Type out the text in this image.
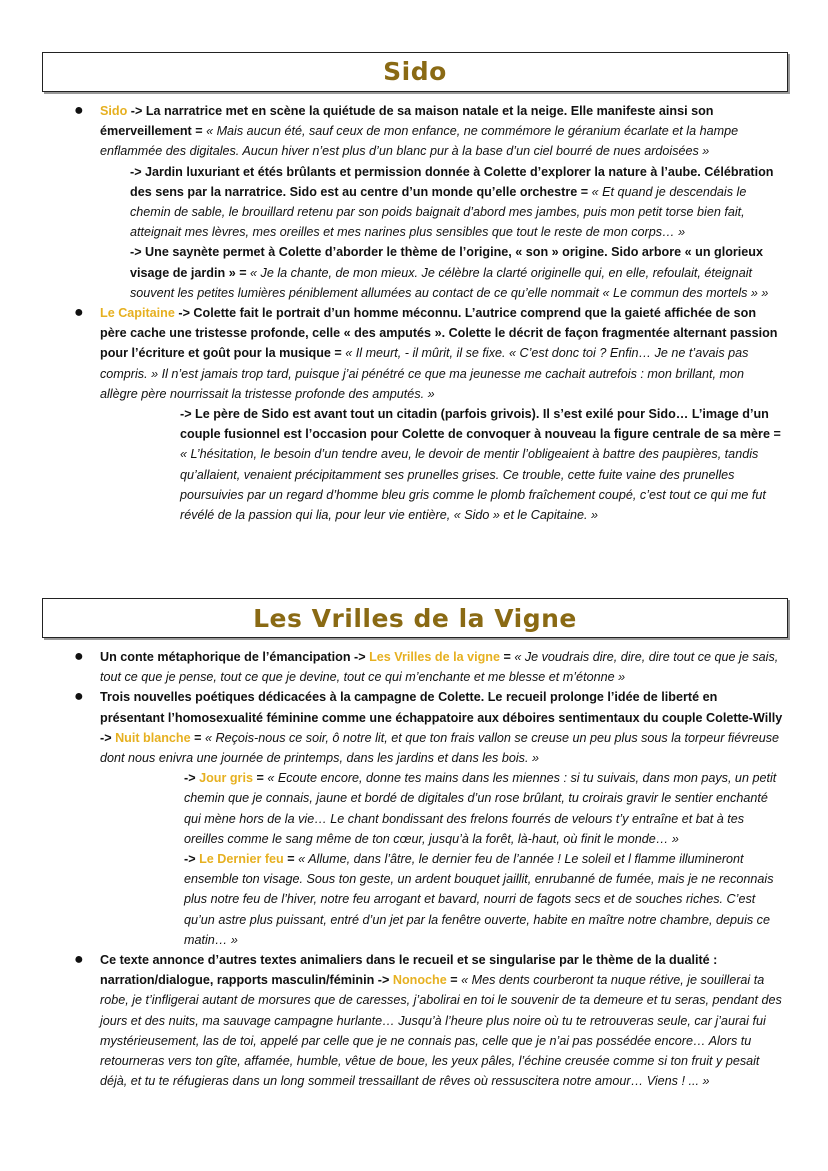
Sido
● Sido -> La narratrice met en scène la quiétude de sa maison natale et la neige. Elle manifeste ainsi son émerveillement = « Mais aucun été, sauf ceux de mon enfance, ne commémore le géranium écarlate et la hampe enflammée des digitales. Aucun hiver n’est plus d’un blanc pur à la base d’un ciel bourré de nues ardoisées »

-> Jardin luxuriant et étés brûlants et permission donnée à Colette d’explorer la nature à l’aube. Célébration des sens par la narratrice. Sido est au centre d’un monde qu’elle orchestre = « Et quand je descendais le chemin de sable, le brouillard retenu par son poids baignait d’abord mes jambes, puis mon petit torse bien fait, atteignait mes lèvres, mes oreilles et mes narines plus sensibles que tout le reste de mon corps… »

-> Une saynète permet à Colette d’aborder le thème de l’origine, « son » origine. Sido arbore « un glorieux visage de jardin » = « Je la chante, de mon mieux. Je célèbre la clarté originelle qui, en elle, refoulait, éteignait souvent les petites lumières péniblement allumées au contact de ce qu’elle nommait « Le commun des mortels » »

● Le Capitaine -> Colette fait le portrait d’un homme méconnu. L’autrice comprend que la gaieté affichée de son père cache une tristesse profonde, celle « des amputés ». Colette le décrit de façon fragmentée alternant passion pour l’écriture et goût pour la musique = « Il meurt, - il mûrit, il se fixe. « C’est donc toi ? Enfin… Je ne t’avais pas compris. » Il n’est jamais trop tard, puisque j’ai pénétré ce que ma jeunesse me cachait autrefois : mon brillant, mon allègre père nourrissait la tristesse profonde des amputés. »

-> Le père de Sido est avant tout un citadin (parfois grivois). Il s’est exilé pour Sido… L’image d’un couple fusionnel est l’occasion pour Colette de convoquer à nouveau la figure centrale de sa mère = « L’hésitation, le besoin d’un tendre aveu, le devoir de mentir l’obligeaient à battre des paupières, tandis qu’allaient, venaient précipitamment ses prunelles grises. Ce trouble, cette fuite vaine des prunelles poursuivies par un regard d’homme bleu gris comme le plomb fraîchement coupé, c’est tout ce qui me fut révélé de la passion qui lia, pour leur vie entière, « Sido » et le Capitaine. »

Les Vrilles de la Vigne
● Un conte métaphorique de l’émancipation -> Les Vrilles de la vigne = « Je voudrais dire, dire, dire tout ce que je sais, tout ce que je pense, tout ce que je devine, tout ce qui m’enchante et me blesse et m’étonne »

● Trois nouvelles poétiques dédicacées à la campagne de Colette. Le recueil prolonge l’idée de liberté en présentant l’homosexualité féminine comme une échappatoire aux déboires sentimentaux du couple Colette-Willy -> Nuit blanche = « Reçois-nous ce soir, ô notre lit, et que ton frais vallon se creuse un peu plus sous la torpeur fiévreuse dont nous enivra une journée de printemps, dans les jardins et dans les bois. »

-> Jour gris = « Ecoute encore, donne tes mains dans les miennes : si tu suivais, dans mon pays, un petit chemin que je connais, jaune et bordé de digitales d’un rose brûlant, tu croirais gravir le sentier enchanté qui mène hors de la vie… Le chant bondissant des frelons fourrés de velours t’y entraîne et bat à tes oreilles comme le sang même de ton cœur, jusqu’à la forêt, là-haut, où finit le monde… »

-> Le Dernier feu = « Allume, dans l’âtre, le dernier feu de l’année ! Le soleil et l flamme illumineront ensemble ton visage. Sous ton geste, un ardent bouquet jaillit, enrubanné de fumée, mais je ne reconnais plus notre feu de l’hiver, notre feu arrogant et bavard, nourri de fagots secs et de souches riches. C’est qu’un astre plus puissant, entré d’un jet par la fenêtre ouverte, habite en maître notre chambre, depuis ce matin… »

● Ce texte annonce d’autres textes animaliers dans le recueil et se singularise par le thème de la dualité : narration/dialogue, rapports masculin/féminin -> Nonoche = « Mes dents courberont ta nuque rétive, je souillerai ta robe, je t’infligerai autant de morsures que de caresses, j’abolirai en toi le souvenir de ta demeure et tu seras, pendant des jours et des nuits, ma sauvage campagne hurlante… Jusqu’à l’heure plus noire où tu te retrouveras seule, car j’aurai fui mystérieusement, las de toi, appelé par celle que je ne connais pas, celle que je n’ai pas possédée encore… Alors tu retourneras vers ton gîte, affamée, humble, vêtue de boue, les yeux pâles, l’échine creusée comme si ton fruit y pesait déjà, et tu te réfugieras dans un long sommeil tressaillant de rêves où ressuscitera notre amour… Viens ! ... »
